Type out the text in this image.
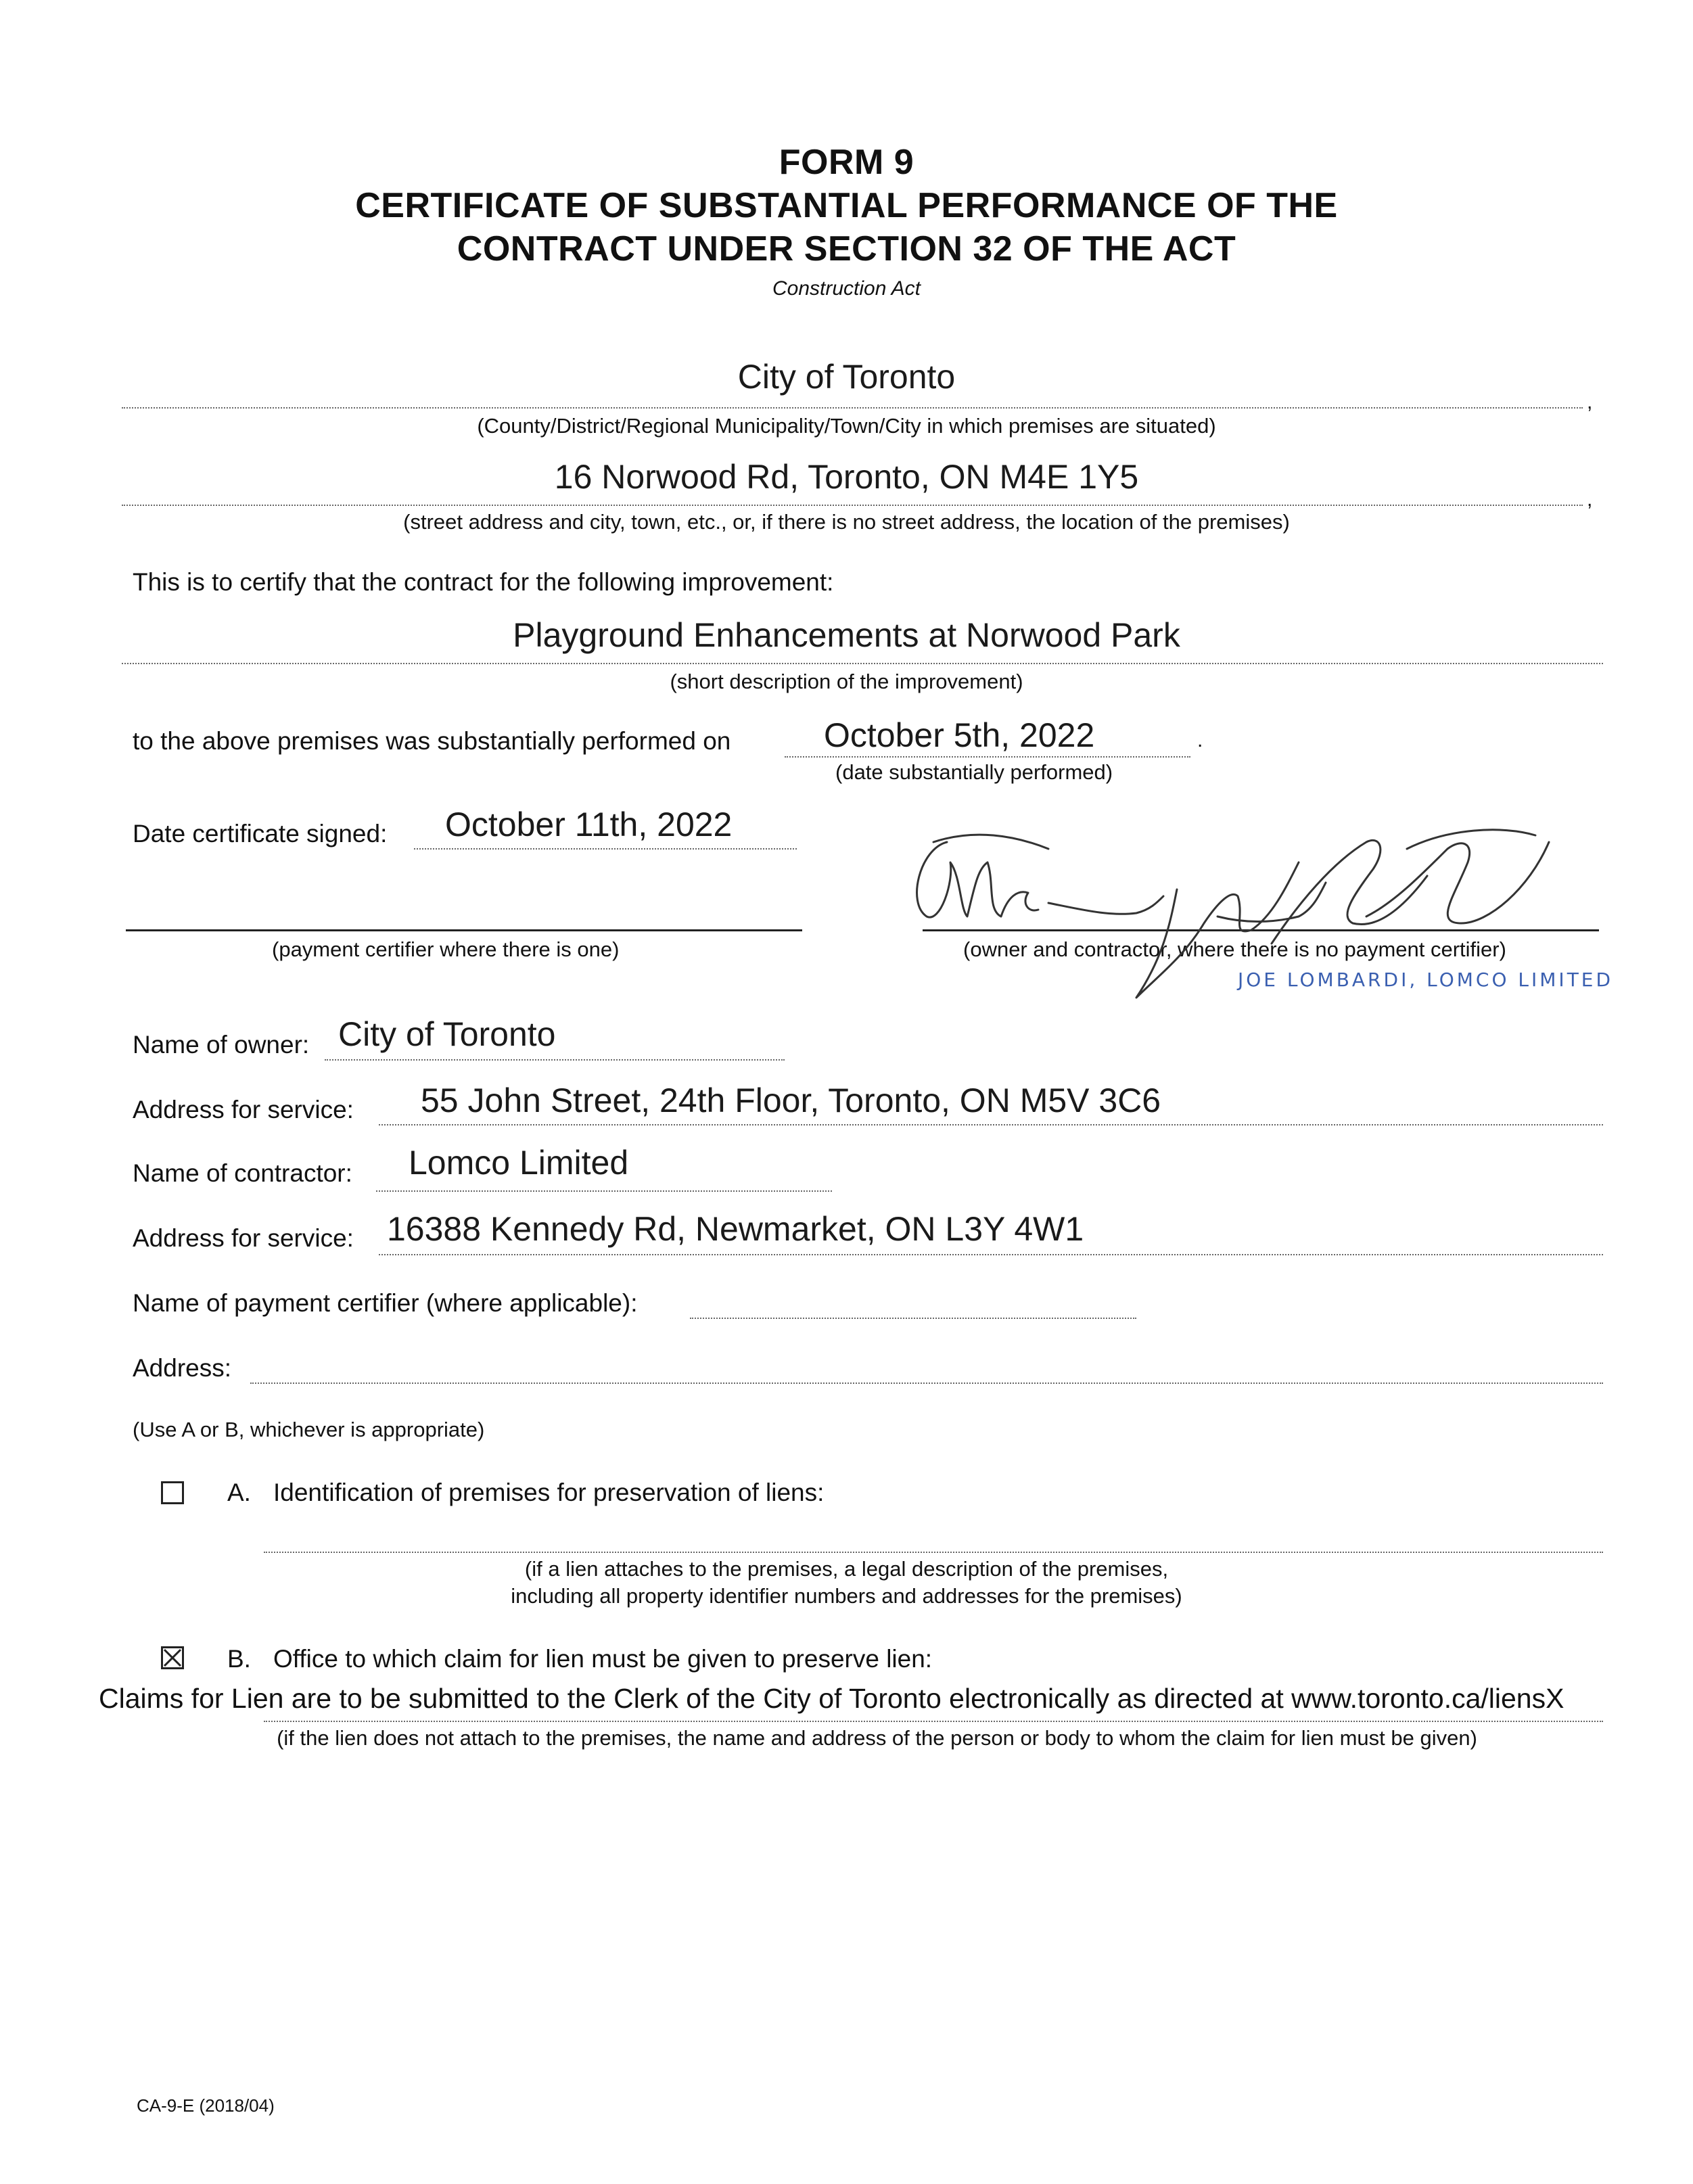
FORM 9
CERTIFICATE OF SUBSTANTIAL PERFORMANCE OF THE
CONTRACT UNDER SECTION 32 OF THE ACT
Construction Act
City of Toronto
,
(County/District/Regional Municipality/Town/City in which premises are situated)
16 Norwood Rd, Toronto, ON M4E 1Y5
,
(street address and city, town, etc., or, if there is no street address, the location of the premises)
This is to certify that the contract for the following improvement:
Playground Enhancements at Norwood Park
(short description of the improvement)
to the above premises was substantially performed on	October 5th, 2022	.
(date substantially performed)
Date certificate signed: October 11th, 2022
(payment certifier where there is one)	(owner and contractor, where there is no payment certifier)
JOE LOMBARDI, LOMCO LIMITED
Name of owner: City of Toronto
Address for service: 55 John Street, 24th Floor, Toronto, ON M5V 3C6
Name of contractor: Lomco Limited
Address for service: 16388 Kennedy Rd, Newmarket, ON L3Y 4W1
Name of payment certifier (where applicable):
Address:
(Use A or B, whichever is appropriate)
A. Identification of premises for preservation of liens:
(if a lien attaches to the premises, a legal description of the premises,
including all property identifier numbers and addresses for the premises)
B. Office to which claim for lien must be given to preserve lien:
Claims for Lien are to be submitted to the Clerk of the City of Toronto electronically as directed at www.toronto.ca/liensX
(if the lien does not attach to the premises, the name and address of the person or body to whom the claim for lien must be given)
CA-9-E (2018/04)
